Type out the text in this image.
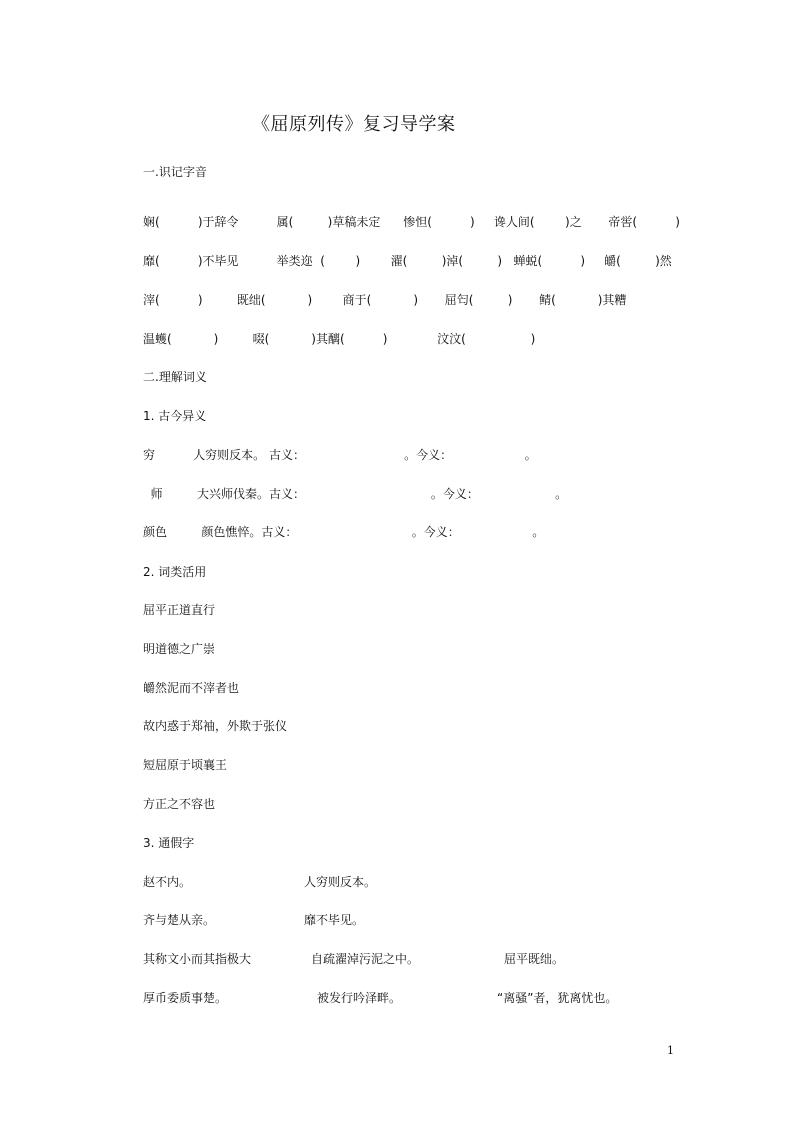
《屈原列传》复习导学案
一.识记字音
娴(          )于辞令          属(         )草稿未定      惨怛(          )     谗人间(        )之       帝喾(          )
靡(          )不毕见          举类迩  (        )        濯(         )淖(         )   蝉蜕(          )     皭(         )然
滓(          )         既绌(           )        商于(           )       屈匄(         )       鲭(           )其糟
温蠖(           )         啜(           )其醨(          )             汶汶(                 )
二.理解词义
1. 古今异义
穷          人穷则反本。 古义：                          。今义：                   。
师         大兴师伐秦。古义：                                 。今义：                    。
颜色         颜色憔悴。古义：                              。今义：                   。
2. 词类活用
屈平正道直行
明道德之广崇
皭然泥而不滓者也
故内惑于郑袖，外欺于张仪
短屈原于顷襄王
方正之不容也
3. 通假字
赵不内。	人穷则反本。
齐与楚从亲。	靡不毕见。
其称文小而其指极大	自疏濯淖污泥之中。	屈平既绌。
厚币委质事楚。	被发行吟泽畔。	“离骚”者，犹离忧也。
1
